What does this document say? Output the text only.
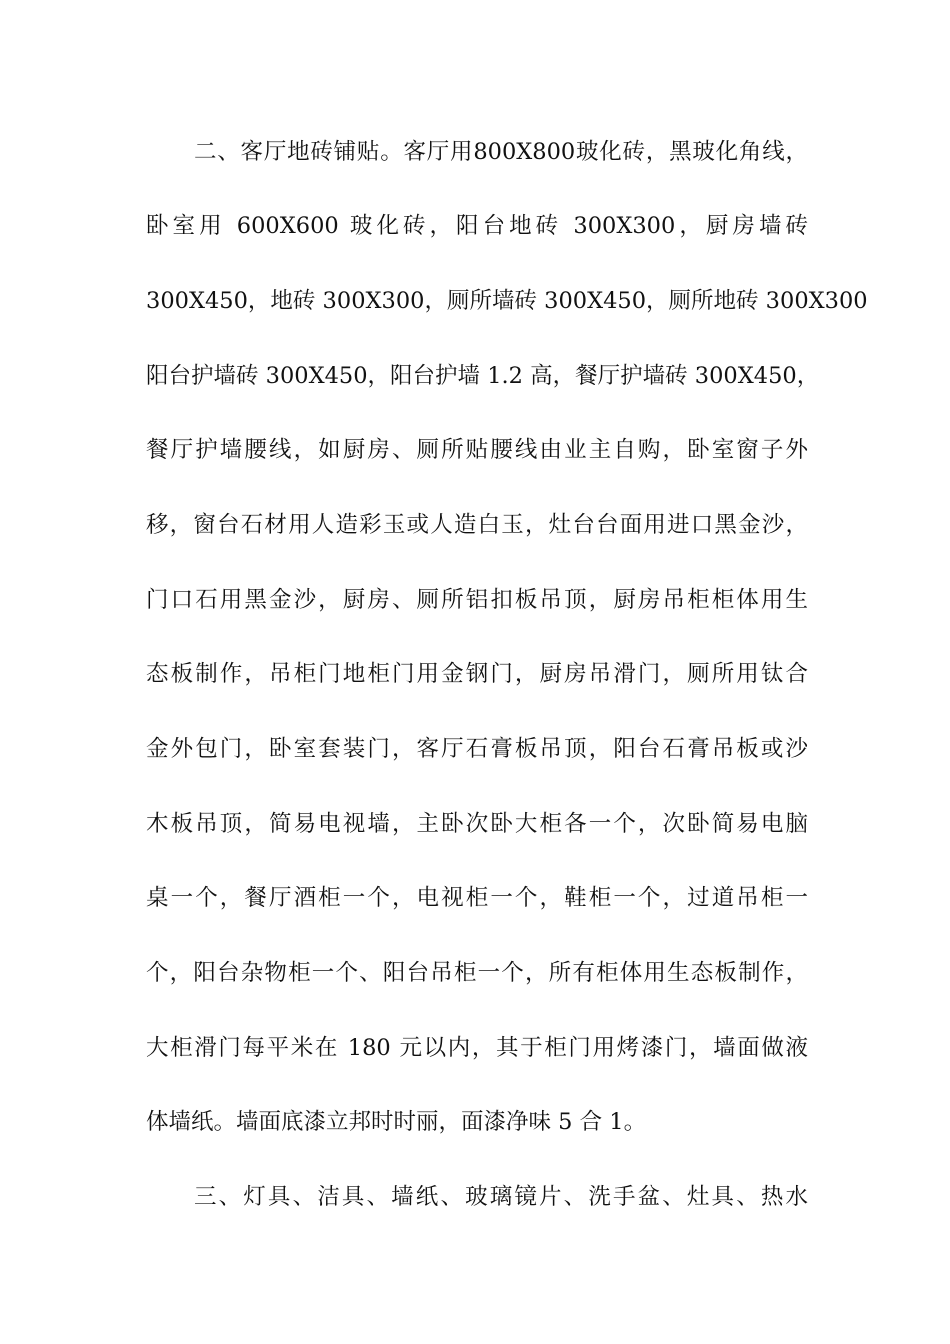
二、客厅地砖铺贴。客厅用800X800玻化砖，黑玻化角线，
卧室用 600X600 玻化砖，阳台地砖 300X300，厨房墙砖
300X450，地砖 300X300，厕所墙砖 300X450，厕所地砖 300X300
阳台护墙砖 300X450，阳台护墙 1.2 高，餐厅护墙砖 300X450，
餐厅护墙腰线，如厨房、厕所贴腰线由业主自购，卧室窗子外
移，窗台石材用人造彩玉或人造白玉，灶台台面用进口黑金沙，
门口石用黑金沙，厨房、厕所铝扣板吊顶，厨房吊柜柜体用生
态板制作，吊柜门地柜门用金钢门，厨房吊滑门，厕所用钛合
金外包门，卧室套装门，客厅石膏板吊顶，阳台石膏吊板或沙
木板吊顶，简易电视墙，主卧次卧大柜各一个，次卧简易电脑
桌一个，餐厅酒柜一个，电视柜一个，鞋柜一个，过道吊柜一
个，阳台杂物柜一个、阳台吊柜一个，所有柜体用生态板制作，
大柜滑门每平米在 180 元以内，其于柜门用烤漆门，墙面做液
体墙纸。墙面底漆立邦时时丽，面漆净味 5 合 1。
三、灯具、洁具、墙纸、玻璃镜片、洗手盆、灶具、热水
